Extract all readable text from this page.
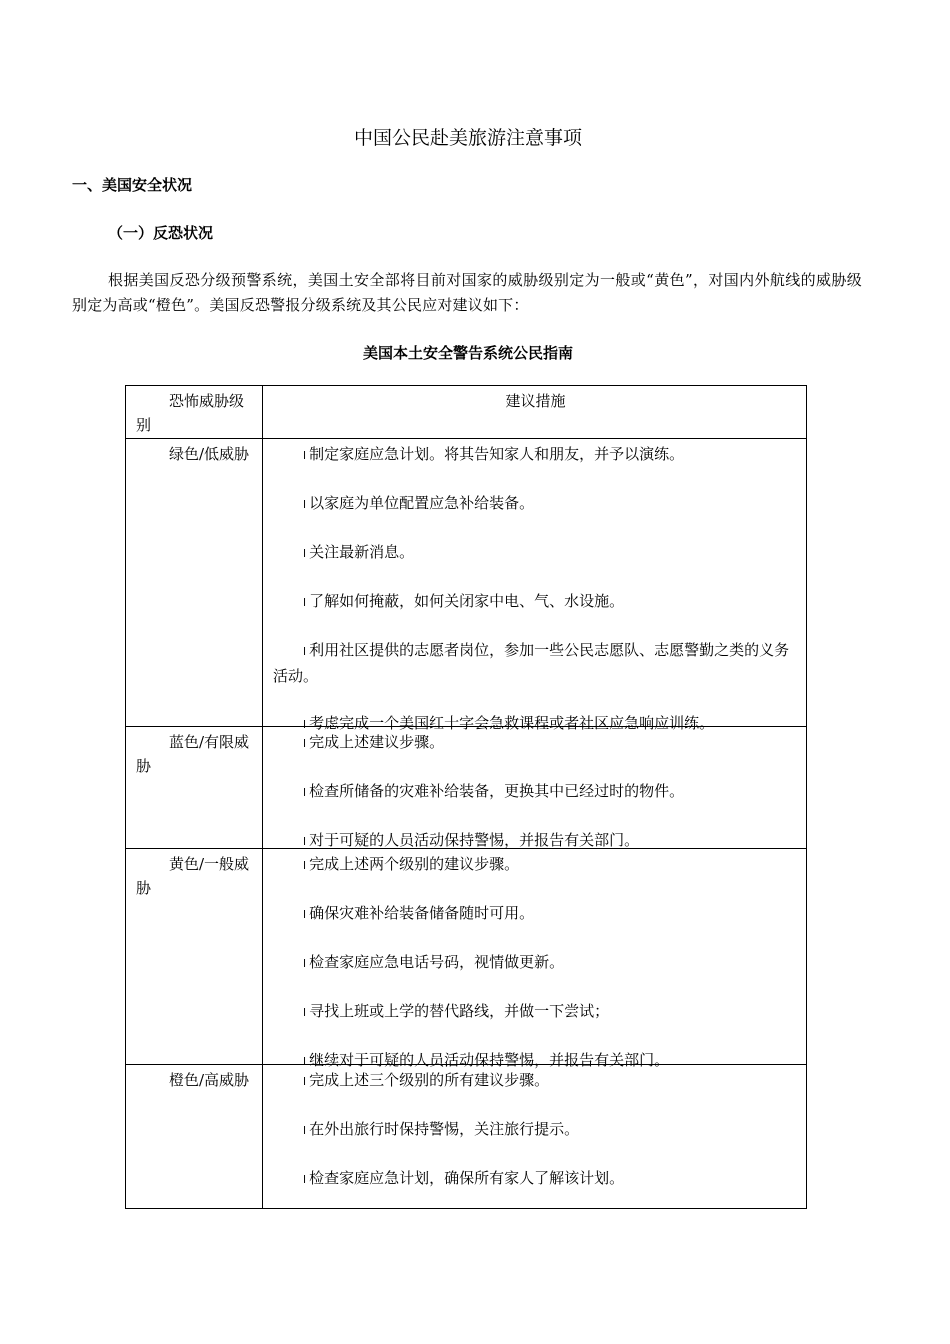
中国公民赴美旅游注意事项
一、美国安全状况
（一）反恐状况
根据美国反恐分级预警系统，美国土安全部将目前对国家的威胁级别定为一般或“黄色”，对国内外航线的威胁级别定为高或“橙色”。美国反恐警报分级系统及其公民应对建议如下：
美国本土安全警告系统公民指南
恐怖威胁级别
建议措施
绿色/低威胁	l 制定家庭应急计划。将其告知家人和朋友，并予以演练。
l 以家庭为单位配置应急补给装备。
l 关注最新消息。
l 了解如何掩蔽，如何关闭家中电、气、水设施。
l 利用社区提供的志愿者岗位，参加一些公民志愿队、志愿警勤之类的义务活动。
l 考虑完成一个美国红十字会急救课程或者社区应急响应训练。
蓝色/有限威胁
l 完成上述建议步骤。
l 检查所储备的灾难补给装备，更换其中已经过时的物件。
l 对于可疑的人员活动保持警惕，并报告有关部门。
黄色/一般威胁
l 完成上述两个级别的建议步骤。
l 确保灾难补给装备储备随时可用。
l 检查家庭应急电话号码，视情做更新。
l 寻找上班或上学的替代路线，并做一下尝试；
l 继续对于可疑的人员活动保持警惕，并报告有关部门。
橙色/高威胁	l 完成上述三个级别的所有建议步骤。
l 在外出旅行时保持警惕，关注旅行提示。
l 检查家庭应急计划，确保所有家人了解该计划。
